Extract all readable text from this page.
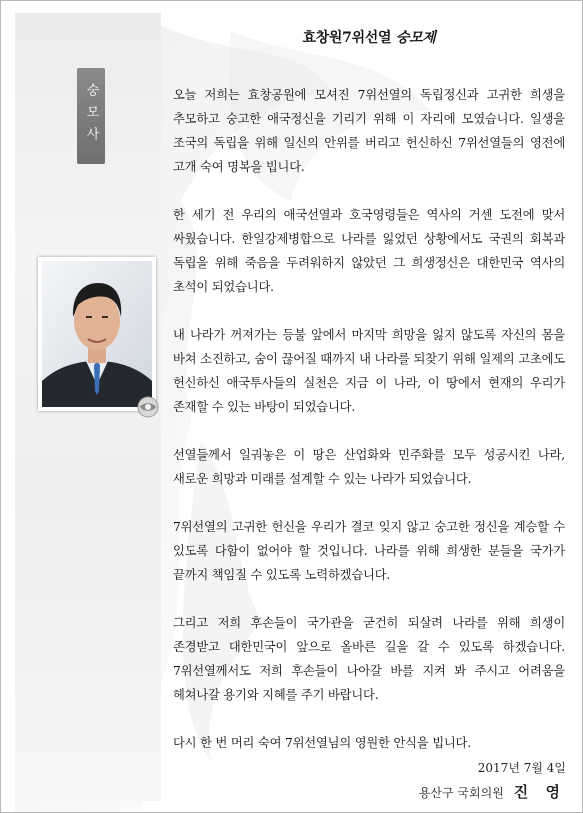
숭모사
효창원7위선열 숭모제

오늘 저희는 효창공원에 모셔진 7위선열의 독립정신과 고귀한 희생을 추모하고 숭고한 애국정신을 기리기 위해 이 자리에 모였습니다. 일생을 조국의 독립을 위해 일신의 안위를 버리고 헌신하신 7위선열들의 영전에 고개 숙여 명복을 빕니다.

한 세기 전 우리의 애국선열과 호국영령들은 역사의 거센 도전에 맞서 싸웠습니다. 한일강제병합으로 나라를 잃었던 상황에서도 국권의 회복과 독립을 위해 죽음을 두려워하지 않았던 그 희생정신은 대한민국 역사의 초석이 되었습니다.

내 나라가 꺼져가는 등불 앞에서 마지막 희망을 잃지 않도록 자신의 몸을 바쳐 소진하고, 숨이 끊어질 때까지 내 나라를 되찾기 위해 일제의 고초에도 헌신하신 애국투사들의 실천은 지금 이 나라, 이 땅에서 현재의 우리가 존재할 수 있는 바탕이 되었습니다.

선열들께서 일궈놓은 이 땅은 산업화와 민주화를 모두 성공시킨 나라, 새로운 희망과 미래를 설계할 수 있는 나라가 되었습니다.

7위선열의 고귀한 헌신을 우리가 결코 잊지 않고 숭고한 정신을 계승할 수 있도록 다함이 없어야 할 것입니다. 나라를 위해 희생한 분들을 국가가 끝까지 책임질 수 있도록 노력하겠습니다.

그리고 저희 후손들이 국가관을 굳건히 되살려 나라를 위해 희생이 존경받고 대한민국이 앞으로 올바른 길을 갈 수 있도록 하겠습니다. 7위선열께서도 저희 후손들이 나아갈 바를 지켜 봐 주시고 어려움을 헤쳐나갈 용기와 지혜를 주기 바랍니다.

다시 한 번 머리 숙여 7위선열님의 영원한 안식을 빕니다.

2017년 7월 4일
용산구 국회의원 진 영
